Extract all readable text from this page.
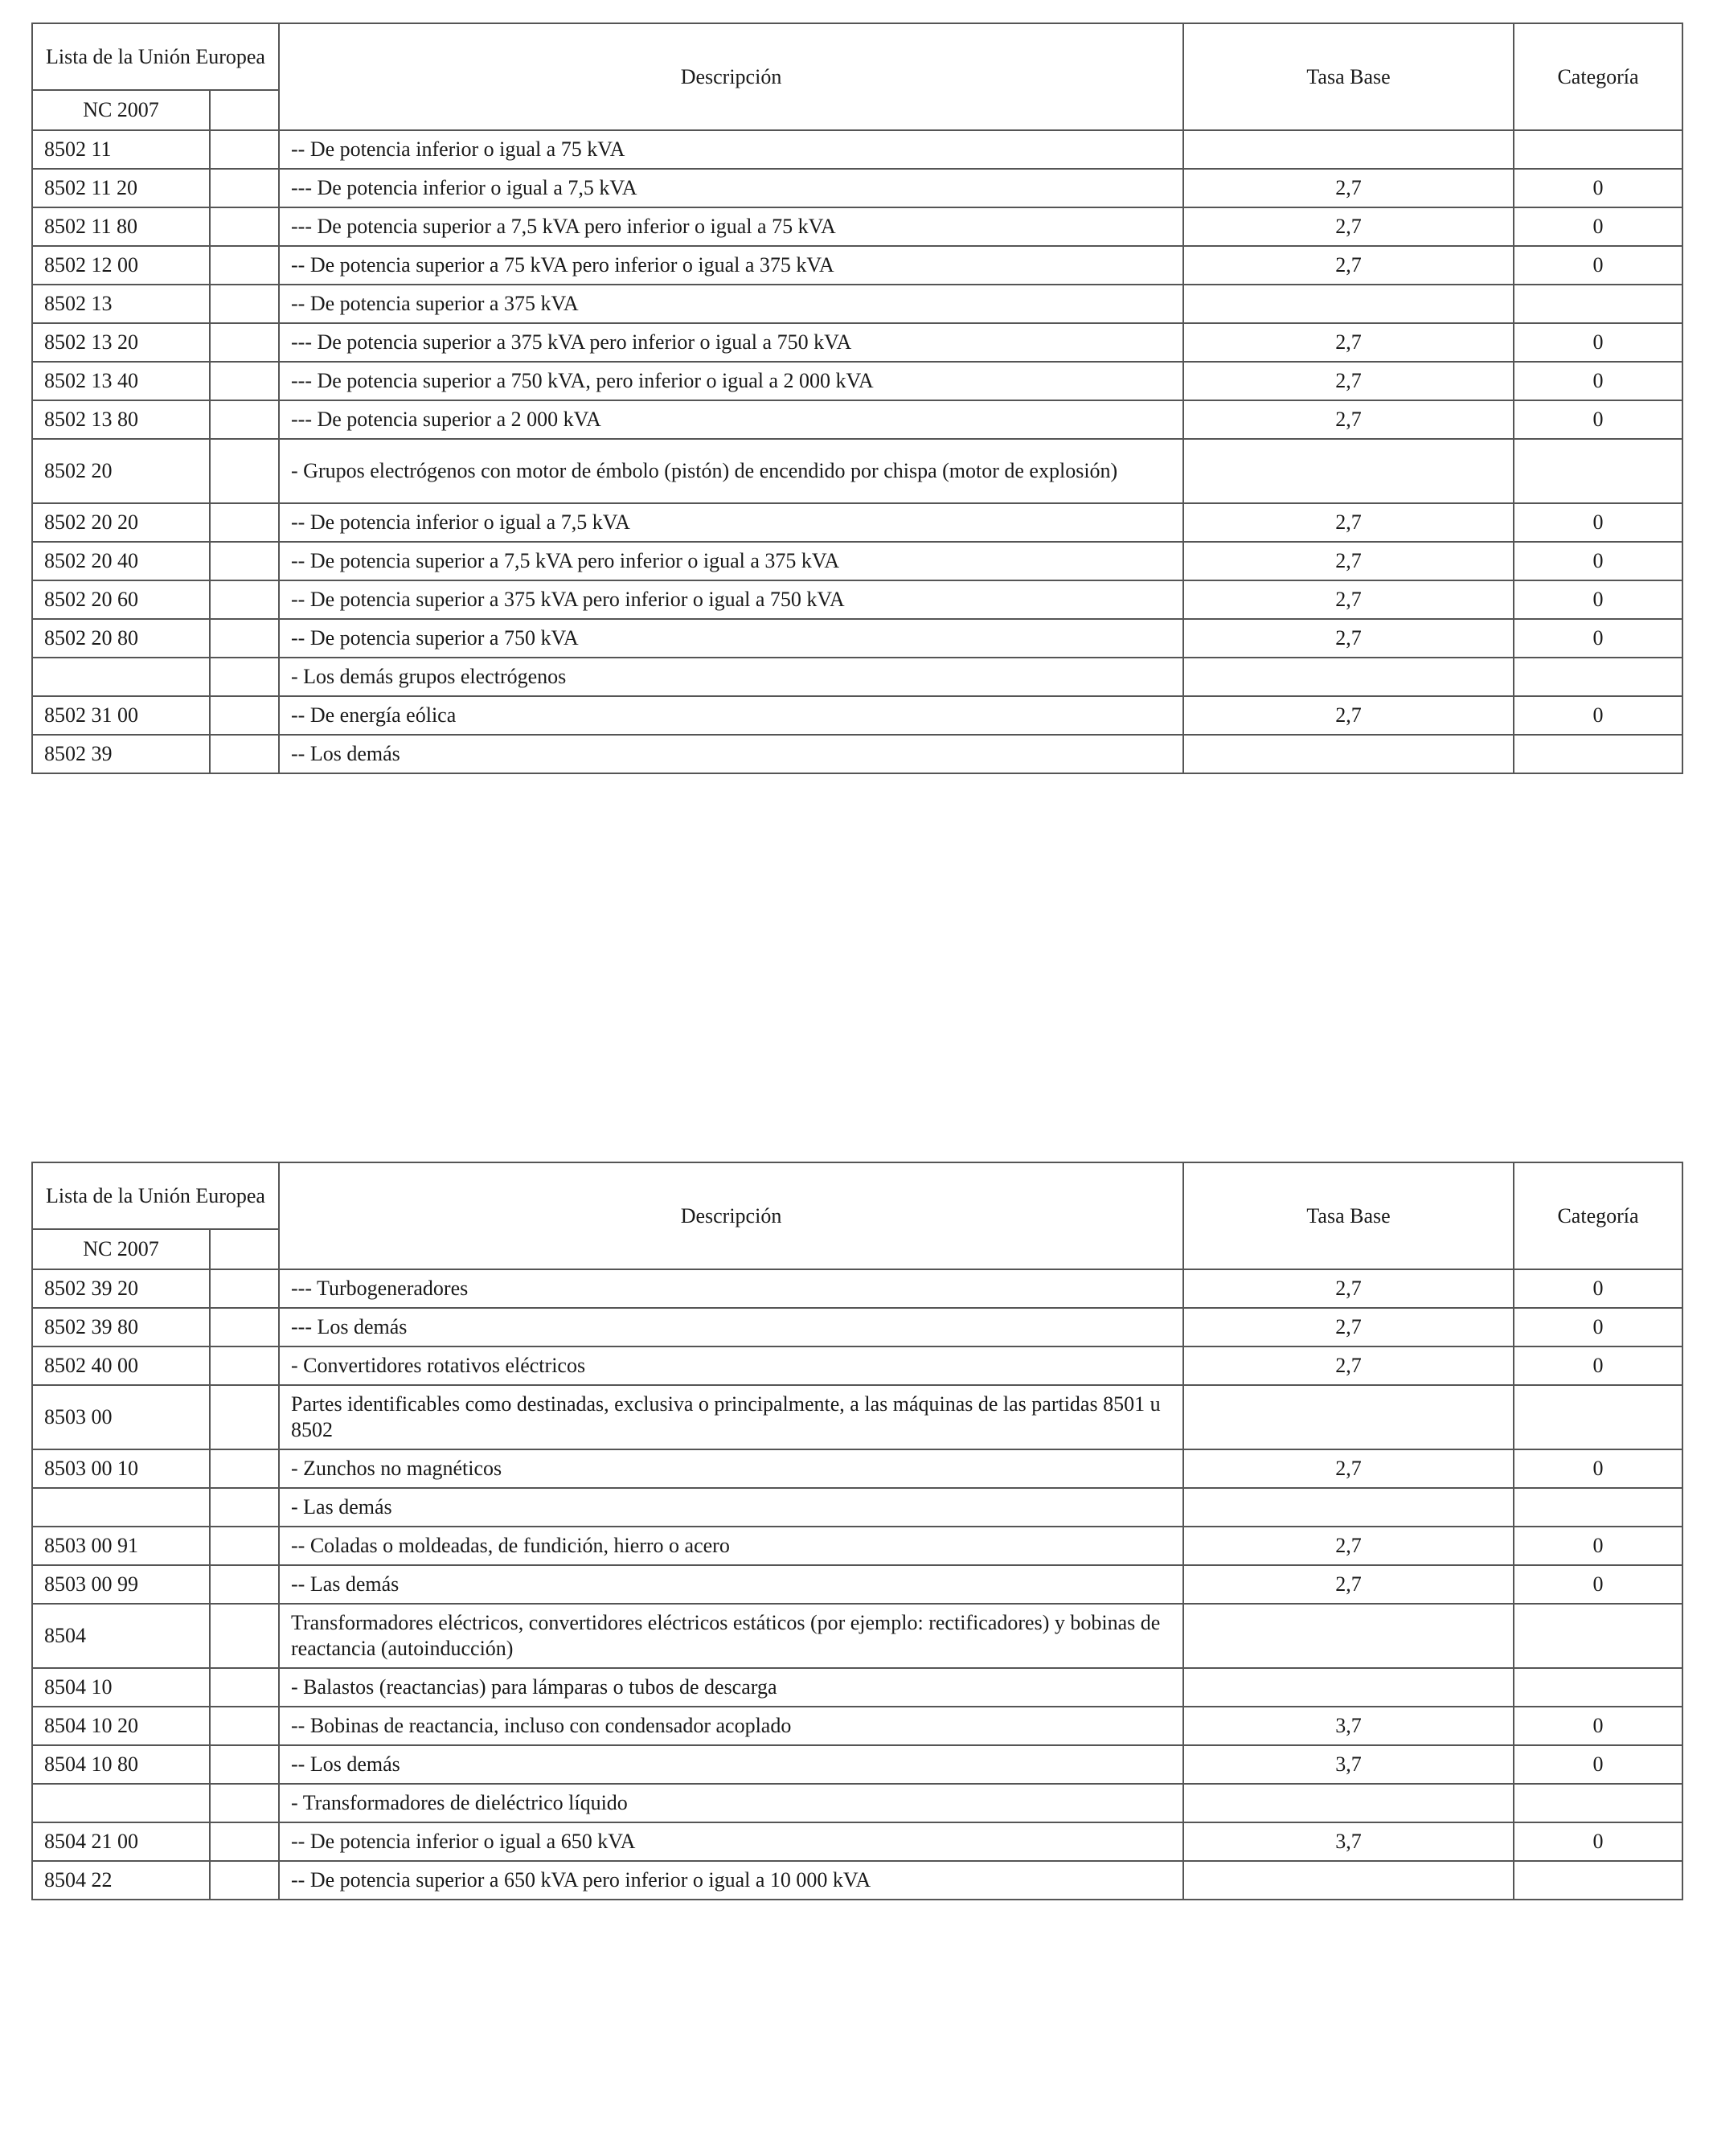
Lista de la Unión Europea		Descripción	Tasa Base	Categoría
NC 2007				
8502 11		-- De potencia inferior o igual a 75 kVA		
8502 11 20		--- De potencia inferior o igual a 7,5 kVA	2,7	0
8502 11 80		--- De potencia superior a 7,5 kVA pero inferior o igual a 75 kVA	2,7	0
8502 12 00		-- De potencia superior a 75 kVA pero inferior o igual a 375 kVA	2,7	0
8502 13		-- De potencia superior a 375 kVA		
8502 13 20		--- De potencia superior a 375 kVA pero inferior o igual a 750 kVA	2,7	0
8502 13 40		--- De potencia superior a 750 kVA, pero inferior o igual a 2 000 kVA	2,7	0
8502 13 80		--- De potencia superior a 2 000 kVA	2,7	0
8502 20		- Grupos electrógenos con motor de émbolo (pistón) de encendido por chispa (motor de explosión)		
8502 20 20		-- De potencia inferior o igual a 7,5 kVA	2,7	0
8502 20 40		-- De potencia superior a 7,5 kVA pero inferior o igual a 375 kVA	2,7	0
8502 20 60		-- De potencia superior a 375 kVA pero inferior o igual a 750 kVA	2,7	0
8502 20 80		-- De potencia superior a 750 kVA	2,7	0
		- Los demás grupos electrógenos		
8502 31 00		-- De energía eólica	2,7	0
8502 39		-- Los demás		
Lista de la Unión Europea		Descripción	Tasa Base	Categoría
NC 2007				
8502 39 20		--- Turbogeneradores	2,7	0
8502 39 80		--- Los demás	2,7	0
8502 40 00		- Convertidores rotativos eléctricos	2,7	0
8503 00		Partes identificables como destinadas, exclusiva o principalmente, a las máquinas de las partidas 8501 u 8502		
8503 00 10		- Zunchos no magnéticos	2,7	0
		- Las demás		
8503 00 91		-- Coladas o moldeadas, de fundición, hierro o acero	2,7	0
8503 00 99		-- Las demás	2,7	0
8504		Transformadores eléctricos, convertidores eléctricos estáticos (por ejemplo: rectificadores) y bobinas de reactancia (autoinducción)		
8504 10		- Balastos (reactancias) para lámparas o tubos de descarga		
8504 10 20		-- Bobinas de reactancia, incluso con condensador acoplado	3,7	0
8504 10 80		-- Los demás	3,7	0
		- Transformadores de dieléctrico líquido		
8504 21 00		-- De potencia inferior o igual a 650 kVA	3,7	0
8504 22		-- De potencia superior a 650 kVA pero inferior o igual a 10 000 kVA		
